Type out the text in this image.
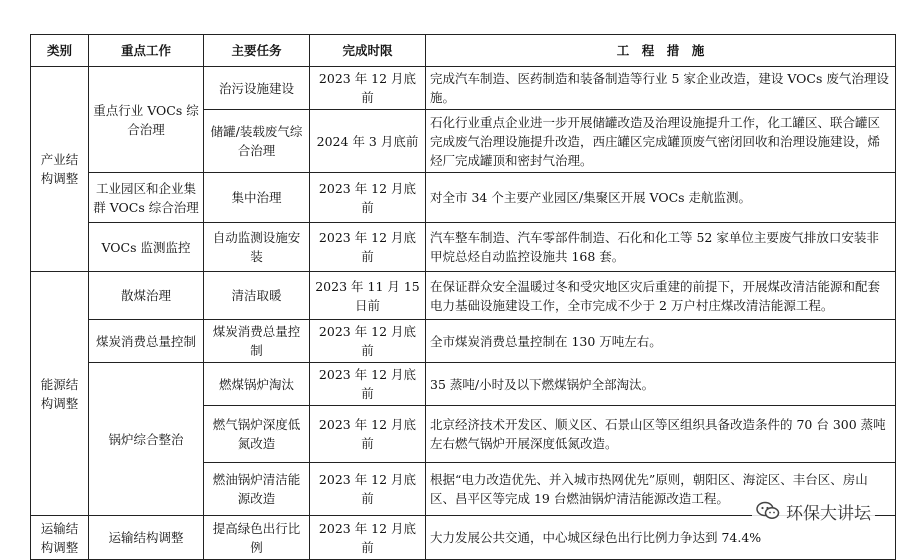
类别	重点工作	主要任务	完成时限	工　程　措　施
产业结构调整	重点行业 VOCs 综合治理	治污设施建设	2023 年 12 月底前	完成汽车制造、医药制造和装备制造等行业 5 家企业改造，建设 VOCs 废气治理设施。
		储罐/装载废气综合治理	2024 年 3 月底前	石化行业重点企业进一步开展储罐改造及治理设施提升工作，化工罐区、联合罐区完成废气治理设施提升改造，西庄罐区完成罐顶废气密闭回收和治理设施建设，烯烃厂完成罐顶和密封气治理。
	工业园区和企业集群 VOCs 综合治理	集中治理	2023 年 12 月底前	对全市 34 个主要产业园区/集聚区开展 VOCs 走航监测。
	VOCs 监测监控	自动监测设施安装	2023 年 12 月底前	汽车整车制造、汽车零部件制造、石化和化工等 52 家单位主要废气排放口安装非甲烷总烃自动监控设施共 168 套。
能源结构调整	散煤治理	清洁取暖	2023 年 11 月 15 日前	在保证群众安全温暖过冬和受灾地区灾后重建的前提下，开展煤改清洁能源和配套电力基础设施建设工作，全市完成不少于 2 万户村庄煤改清洁能源工程。
	煤炭消费总量控制	煤炭消费总量控制	2023 年 12 月底前	全市煤炭消费总量控制在 130 万吨左右。
	锅炉综合整治	燃煤锅炉淘汰	2023 年 12 月底前	35 蒸吨/小时及以下燃煤锅炉全部淘汰。
		燃气锅炉深度低氮改造	2023 年 12 月底前	北京经济技术开发区、顺义区、石景山区等区组织具备改造条件的 70 台 300 蒸吨左右燃气锅炉开展深度低氮改造。
		燃油锅炉清洁能源改造	2023 年 12 月底前	根据“电力改造优先、并入城市热网优先”原则，朝阳区、海淀区、丰台区、房山区、昌平区等完成 19 台燃油锅炉清洁能源改造工程。
运输结构调整	运输结构调整	提高绿色出行比例	2023 年 12 月底前	大力发展公共交通，中心城区绿色出行比例力争达到 74.4%
环保大讲坛
